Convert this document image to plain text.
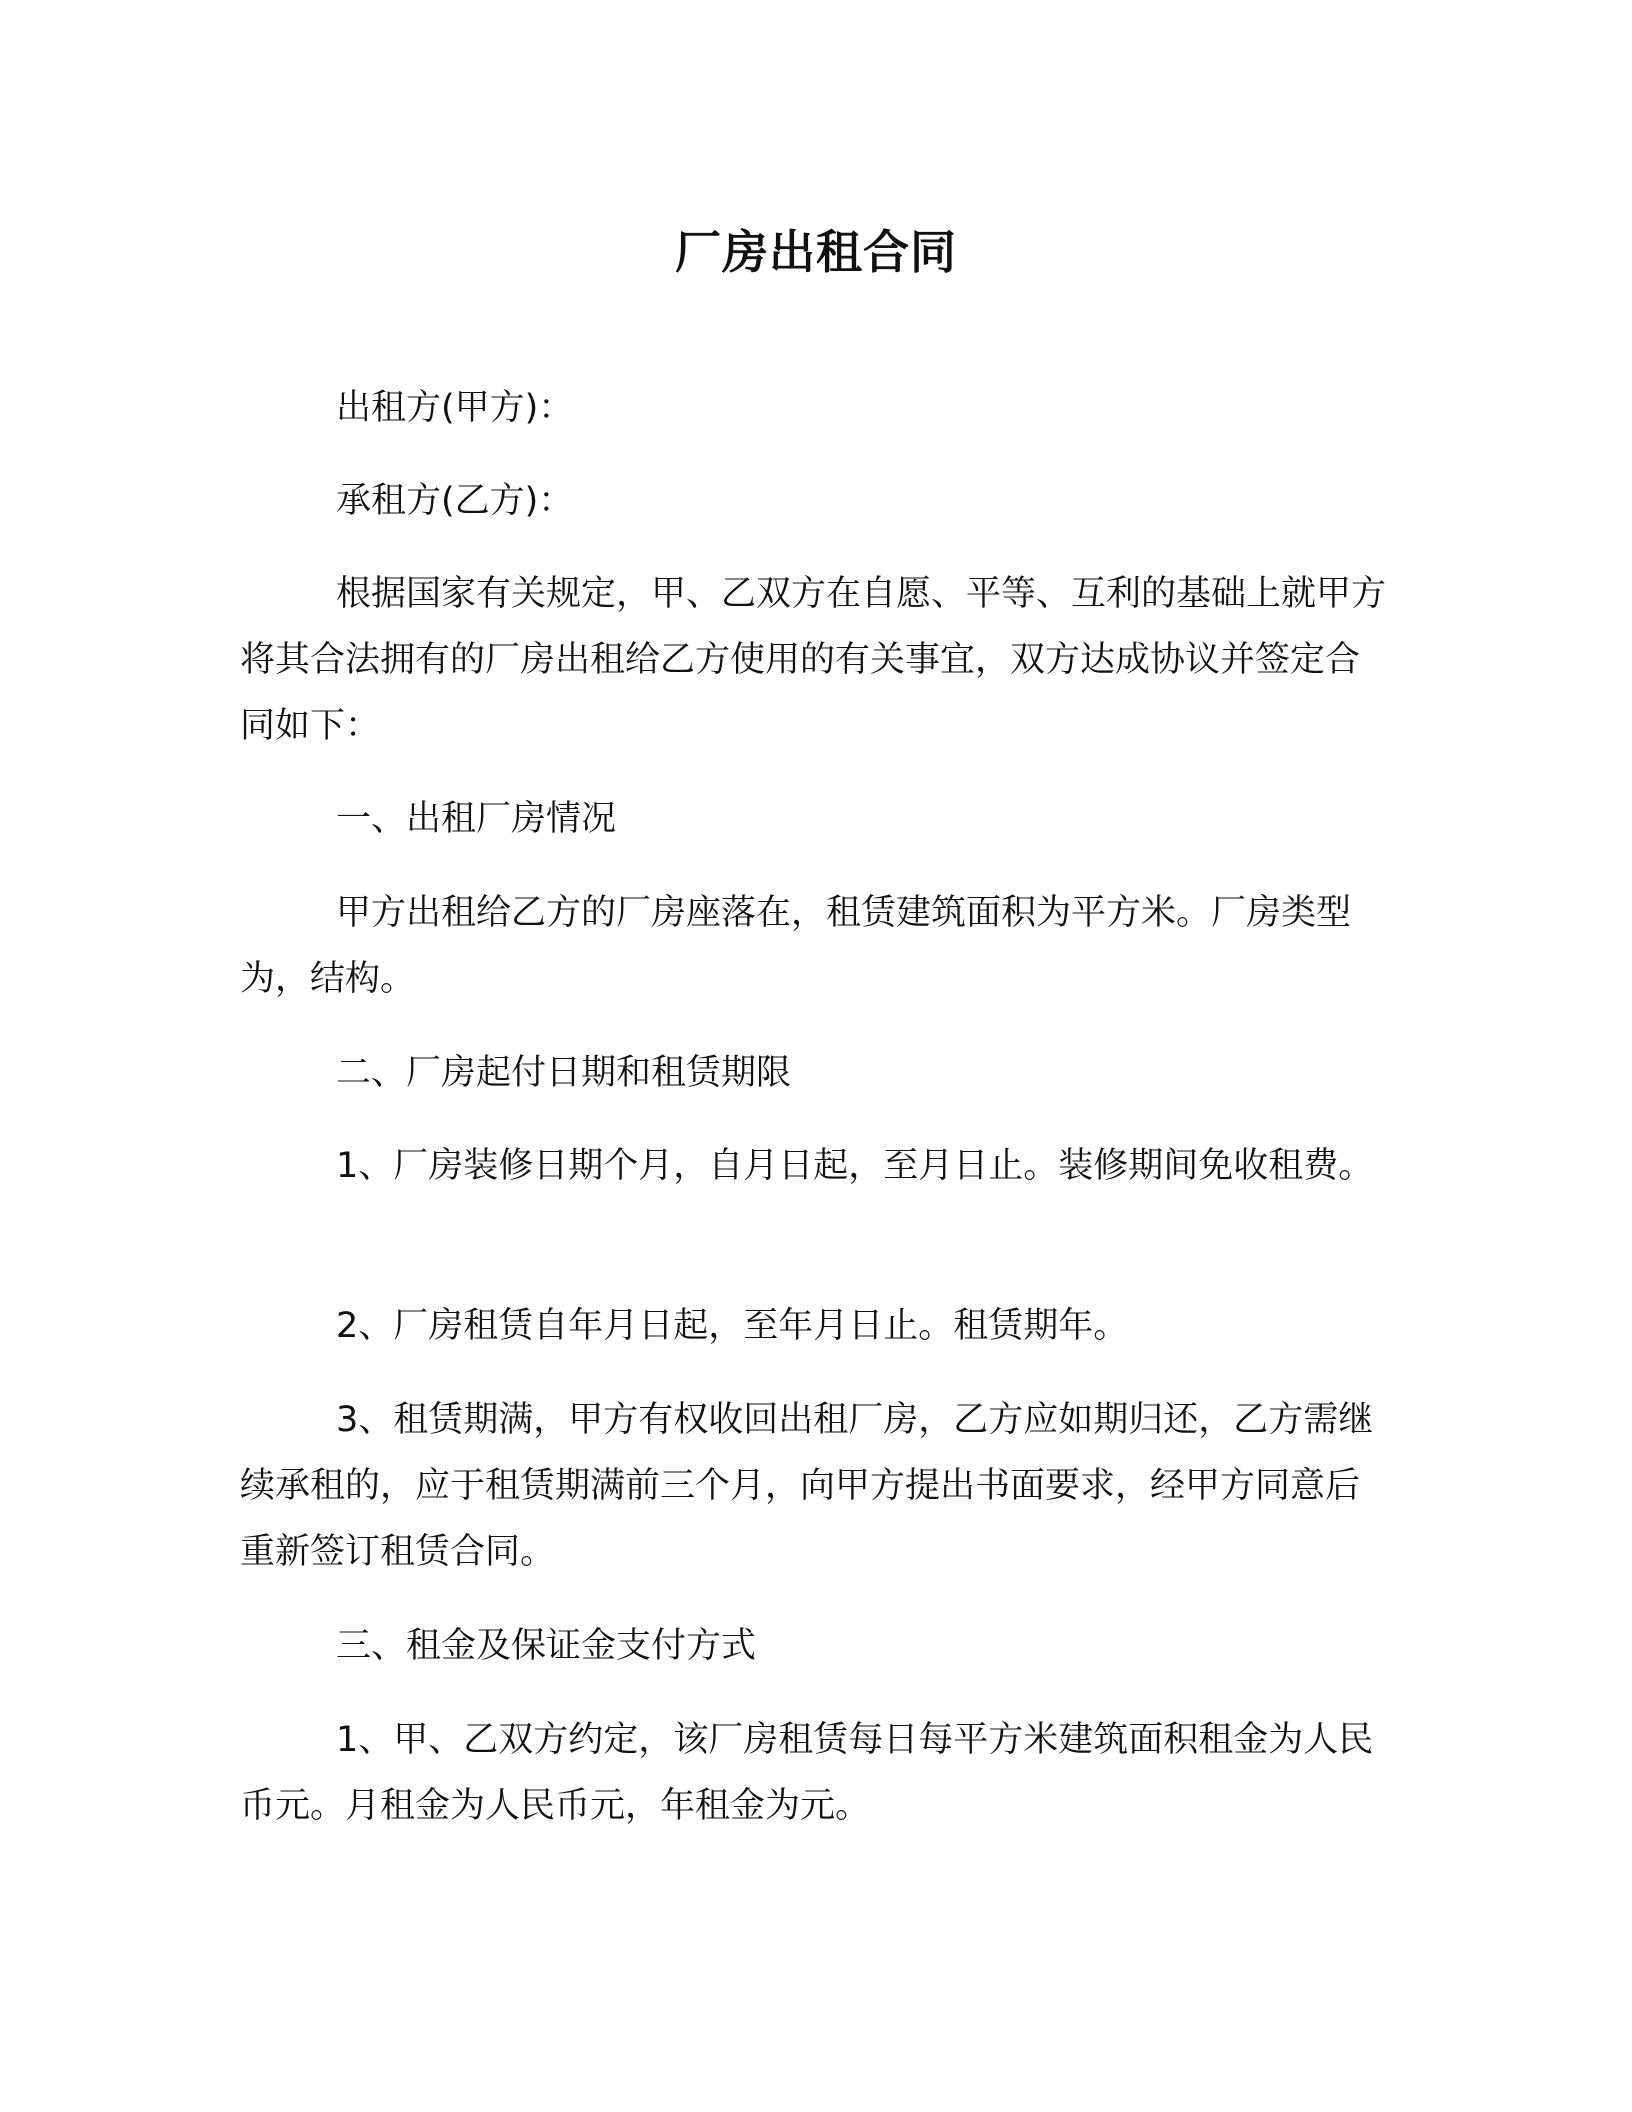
厂房出租合同
出租方(甲方)：
承租方(乙方)：
根据国家有关规定，甲、乙双方在自愿、平等、互利的基础上就甲方将其合法拥有的厂房出租给乙方使用的有关事宜，双方达成协议并签定合同如下：
一、出租厂房情况
甲方出租给乙方的厂房座落在，租赁建筑面积为平方米。厂房类型为，结构。
二、厂房起付日期和租赁期限
1、厂房装修日期个月，自月日起，至月日止。装修期间免收租费。
2、厂房租赁自年月日起，至年月日止。租赁期年。
3、租赁期满，甲方有权收回出租厂房，乙方应如期归还，乙方需继续承租的，应于租赁期满前三个月，向甲方提出书面要求，经甲方同意后重新签订租赁合同。
三、租金及保证金支付方式
1、甲、乙双方约定，该厂房租赁每日每平方米建筑面积租金为人民币元。月租金为人民币元，年租金为元。
